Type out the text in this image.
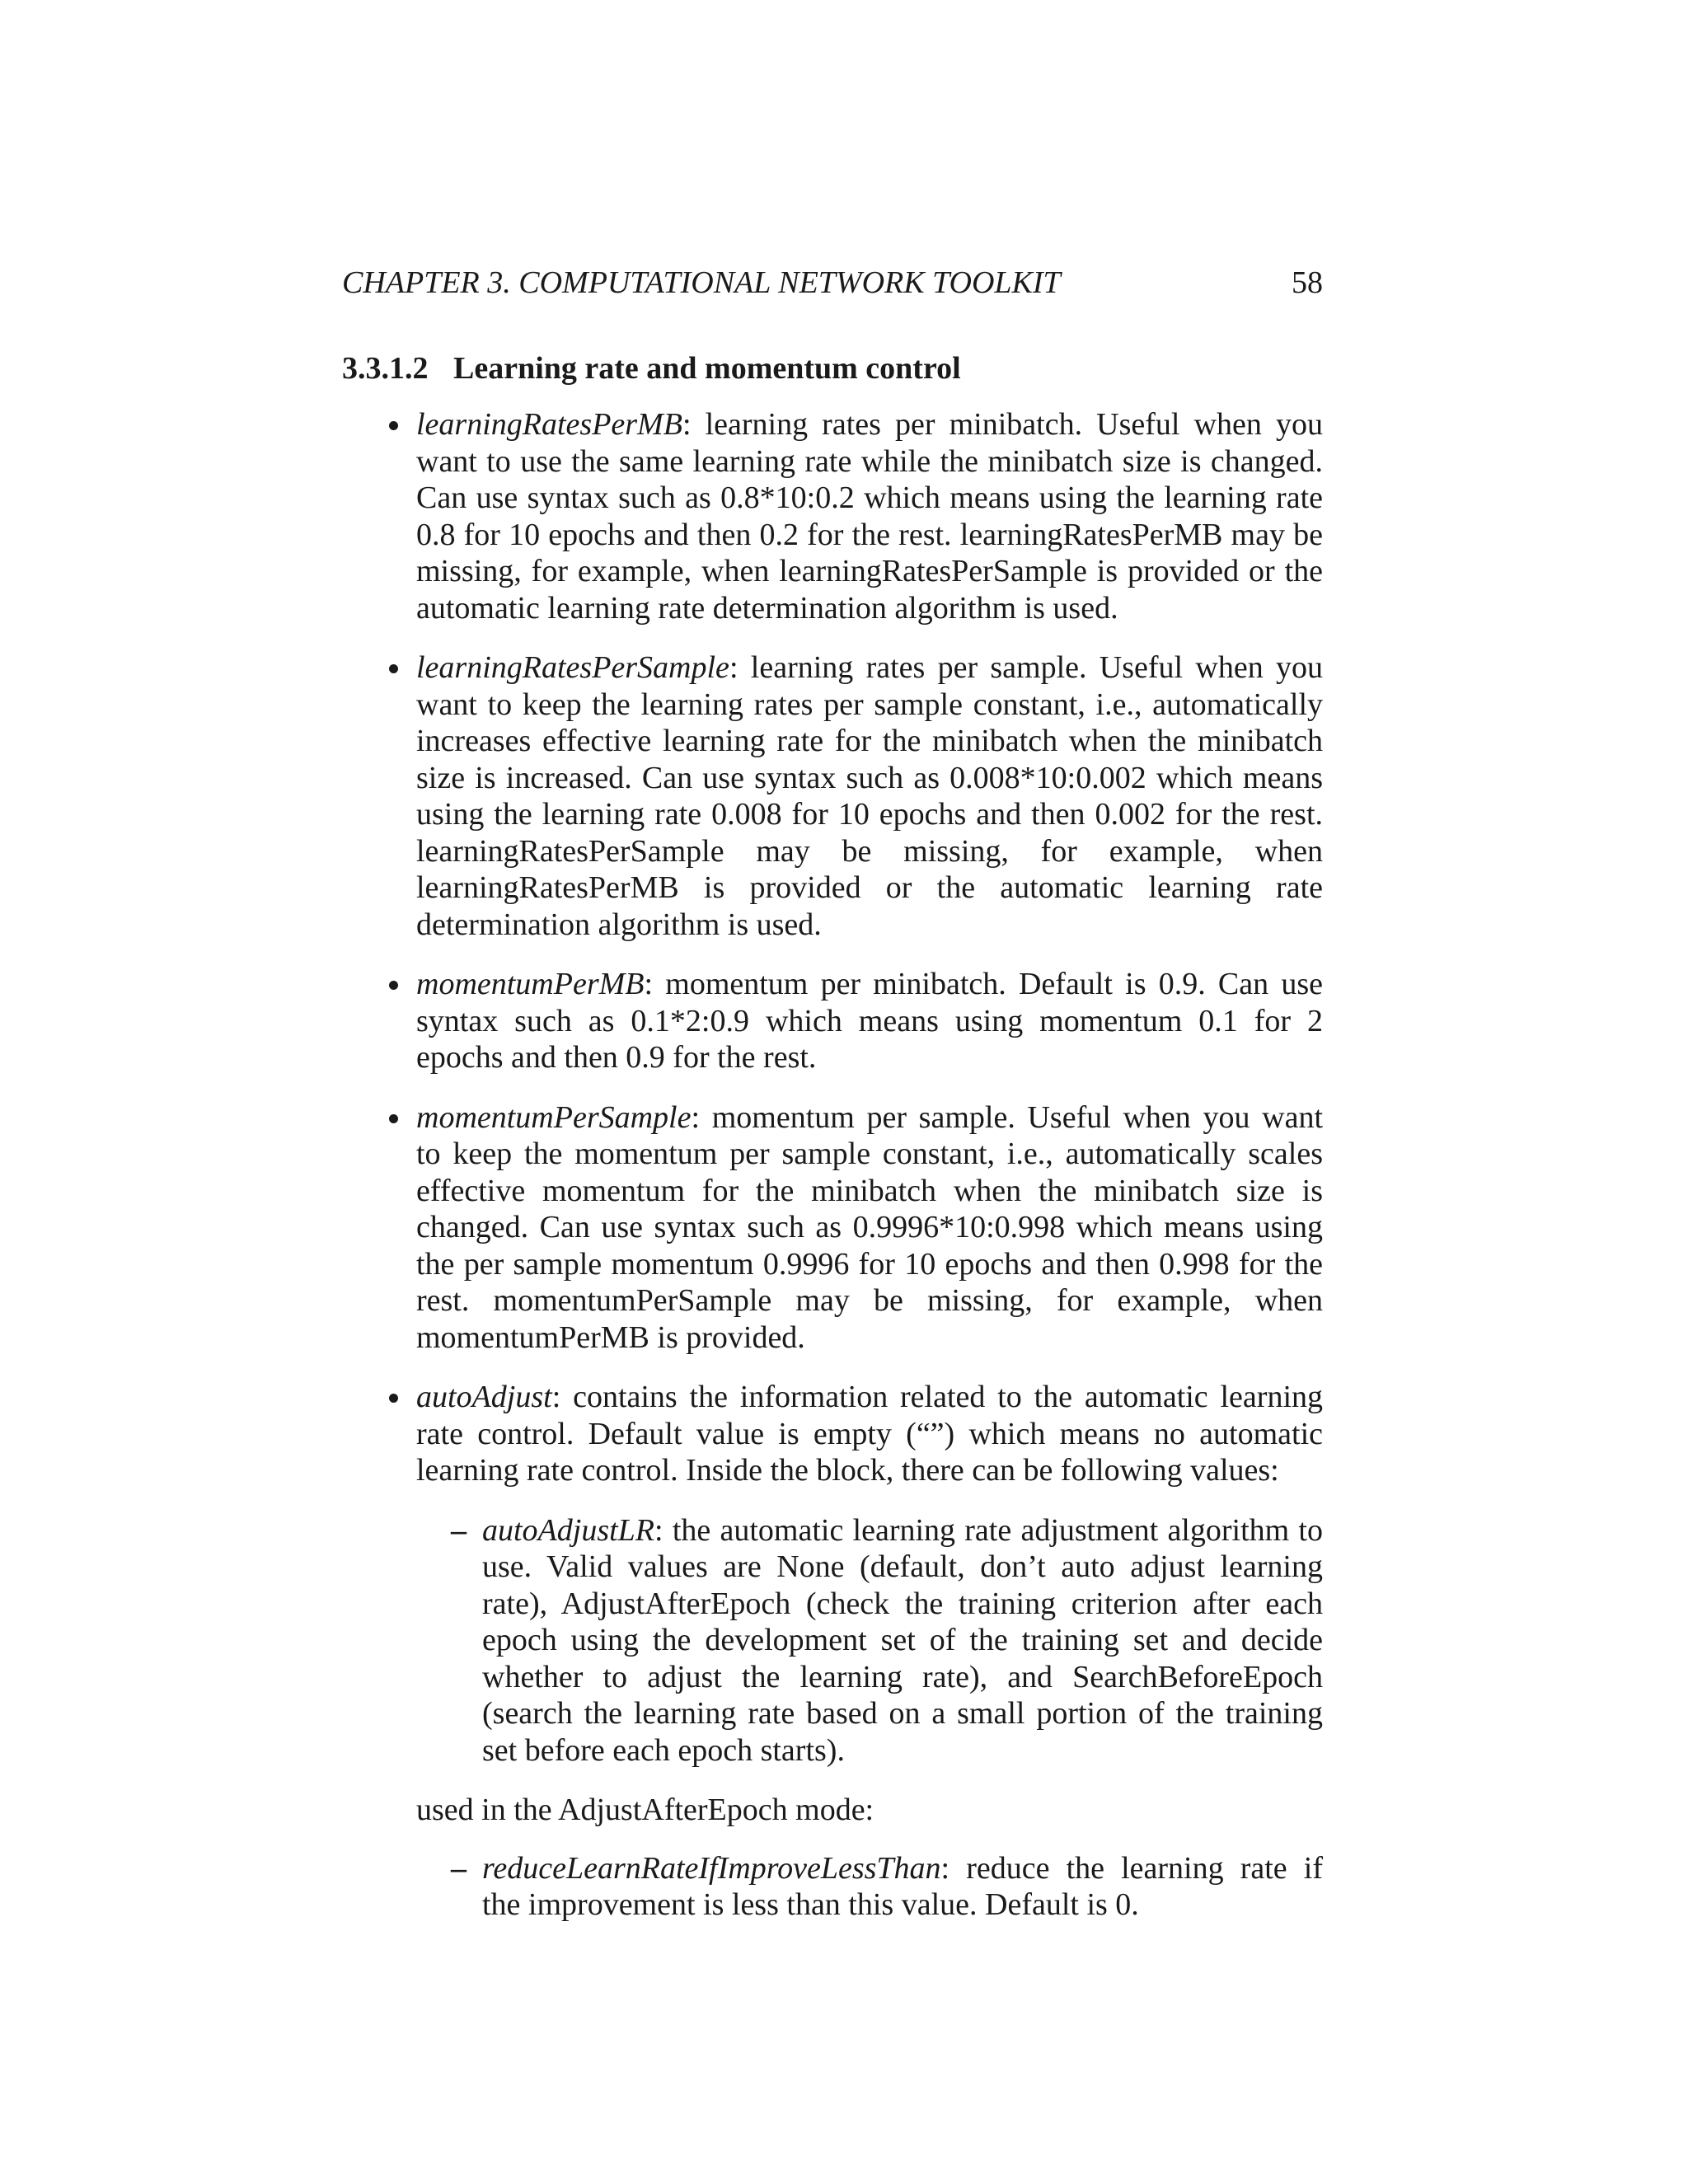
CHAPTER 3. COMPUTATIONAL NETWORK TOOLKIT	58
3.3.1.2 Learning rate and momentum control
learningRatesPerMB: learning rates per minibatch. Useful when you want to use the same learning rate while the minibatch size is changed. Can use syntax such as 0.8*10:0.2 which means using the learning rate 0.8 for 10 epochs and then 0.2 for the rest. learningRatesPerMB may be missing, for example, when learningRatesPerSample is provided or the automatic learning rate determination algorithm is used.
learningRatesPerSample: learning rates per sample. Useful when you want to keep the learning rates per sample constant, i.e., automatically increases effective learning rate for the minibatch when the minibatch size is increased. Can use syntax such as 0.008*10:0.002 which means using the learning rate 0.008 for 10 epochs and then 0.002 for the rest. learningRatesPerSample may be missing, for example, when learningRatesPerMB is provided or the automatic learning rate determination algorithm is used.
momentumPerMB: momentum per minibatch. Default is 0.9. Can use syntax such as 0.1*2:0.9 which means using momentum 0.1 for 2 epochs and then 0.9 for the rest.
momentumPerSample: momentum per sample. Useful when you want to keep the momentum per sample constant, i.e., automatically scales effective momentum for the minibatch when the minibatch size is changed. Can use syntax such as 0.9996*10:0.998 which means using the per sample momentum 0.9996 for 10 epochs and then 0.998 for the rest. momentumPerSample may be missing, for example, when momentumPerMB is provided.
autoAdjust: contains the information related to the automatic learning rate control. Default value is empty (“”) which means no automatic learning rate control. Inside the block, there can be following values:
– autoAdjustLR: the automatic learning rate adjustment algorithm to use. Valid values are None (default, don’t auto adjust learning rate), AdjustAfterEpoch (check the training criterion after each epoch using the development set of the training set and decide whether to adjust the learning rate), and SearchBeforeEpoch (search the learning rate based on a small portion of the training set before each epoch starts).
used in the AdjustAfterEpoch mode:
– reduceLearnRateIfImproveLessThan: reduce the learning rate if the improvement is less than this value. Default is 0.
